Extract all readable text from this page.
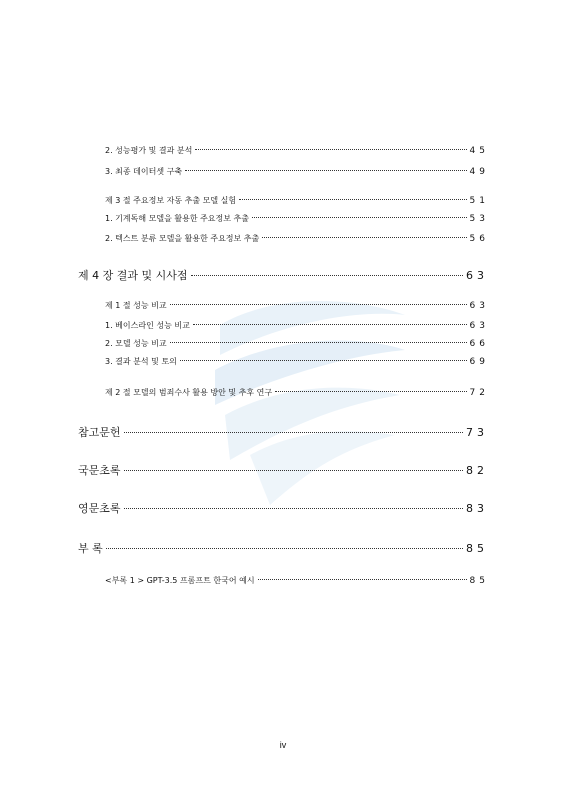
2. 성능평가 및 결과 분석	45
3. 최종 데이터셋 구축	49
제 3 절 주요정보 자동 추출 모델 실험	51
1. 기계독해 모델을 활용한 주요정보 추출	53
2. 텍스트 분류 모델을 활용한 주요정보 추출	56
제 4 장 결과 및 시사점	63
제 1 절 성능 비교	63
1. 베이스라인 성능 비교	63
2. 모델 성능 비교	66
3. 결과 분석 및 토의	69
제 2 절 모델의 범죄수사 활용 방안 및 추후 연구	72
참고문헌	73
국문초록	82
영문초록	83
부 록	85
<부록 1 > GPT-3.5 프롬프트 한국어 예시	85
iv
